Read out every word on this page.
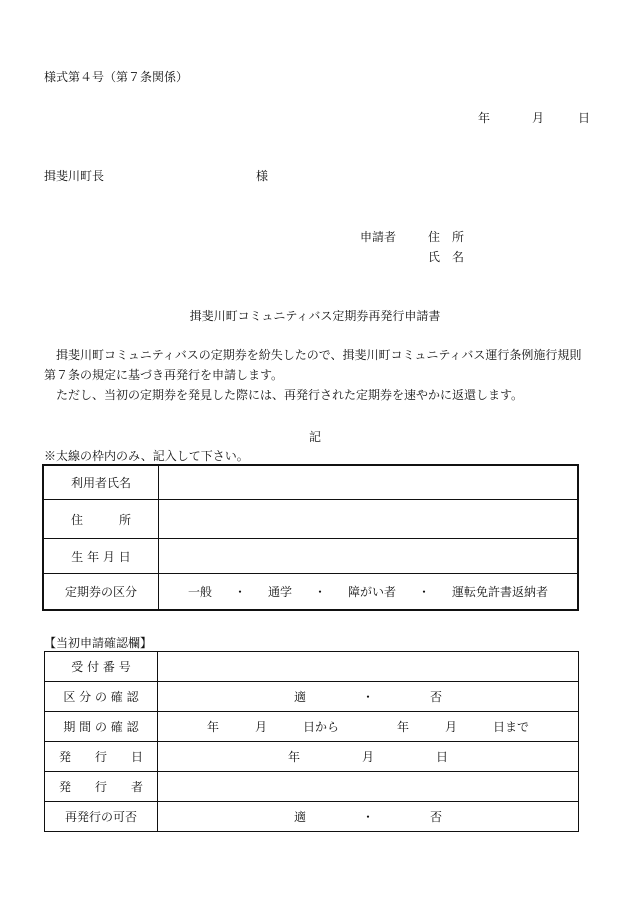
様式第４号（第７条関係）
年	月	日
揖斐川町長	様
申請者	住　所
氏　名
揖斐川町コミュニティバス定期券再発行申請書

揖斐川町コミュニティバスの定期券を紛失したので、揖斐川町コミュニティバス運行条例施行規則第７条の規定に基づき再発行を申請します。

ただし、当初の定期券を発見した際には、再発行された定期券を速やかに返還します。

記
※太線の枠内のみ、記入して下さい。
利用者氏名	
住　　　所	
生 年 月 日	
定期券の区分	一般 ・ 通学 ・ 障がい者 ・ 運転免許書返納者
【当初申請確認欄】
受 付 番 号	
区 分 の 確 認	適 ・ 否
期 間 の 確 認	年 月 日から 年 月 日まで
発　　行　　日	年 月 日
発　　行　　者	
再発行の可否	適 ・ 否
